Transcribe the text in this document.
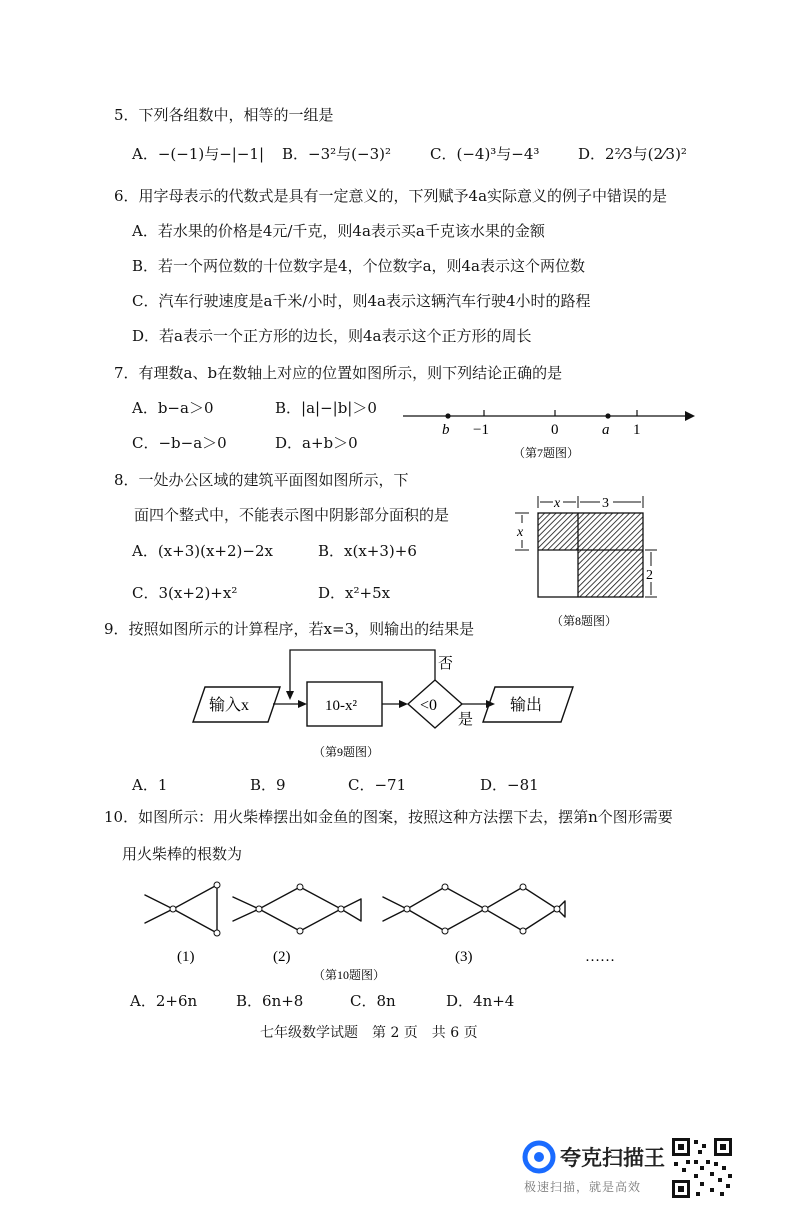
5．下列各组数中，相等的一组是
A．−(−1)与−|−1| B．−3²与(−3)²	C．(−4)³与−4³	D．2²⁄3与(2⁄3)²
6．用字母表示的代数式是具有一定意义的，下列赋予4a实际意义的例子中错误的是
A．若水果的价格是4元/千克，则4a表示买a千克该水果的金额
B．若一个两位数的十位数字是4，个位数字a，则4a表示这个两位数
C．汽车行驶速度是a千米/小时，则4a表示这辆汽车行驶4小时的路程
D．若a表示一个正方形的边长，则4a表示这个正方形的周长
7．有理数a、b在数轴上对应的位置如图所示，则下列结论正确的是
A．b−a＞0	B．|a|−|b|＞0
C．−b−a＞0	D．a+b＞0
b −1	0	a 1
（第7题图）
8．一处办公区域的建筑平面图如图所示，下
面四个整式中，不能表示图中阴影部分面积的是
A．(x+3)(x+2)−2x	B．x(x+3)+6
C．3(x+2)+x²	D．x²+5x
x	3
x
2
（第8题图）
9．按照如图所示的计算程序，若x=3，则输出的结果是
输入x	10-x²	<0
否
是
输出
（第9题图）
A．1	B．9	C．−71	D．−81
10．如图所示：用火柴棒摆出如金鱼的图案，按照这种方法摆下去，摆第n个图形需要
用火柴棒的根数为
(1)	(2)	(3)	……
（第10题图）
A．2+6n	B．6n+8	C．8n	D．4n+4
七年级数学试题　第 2 页　共 6 页
夸克扫描王
极速扫描，就是高效
